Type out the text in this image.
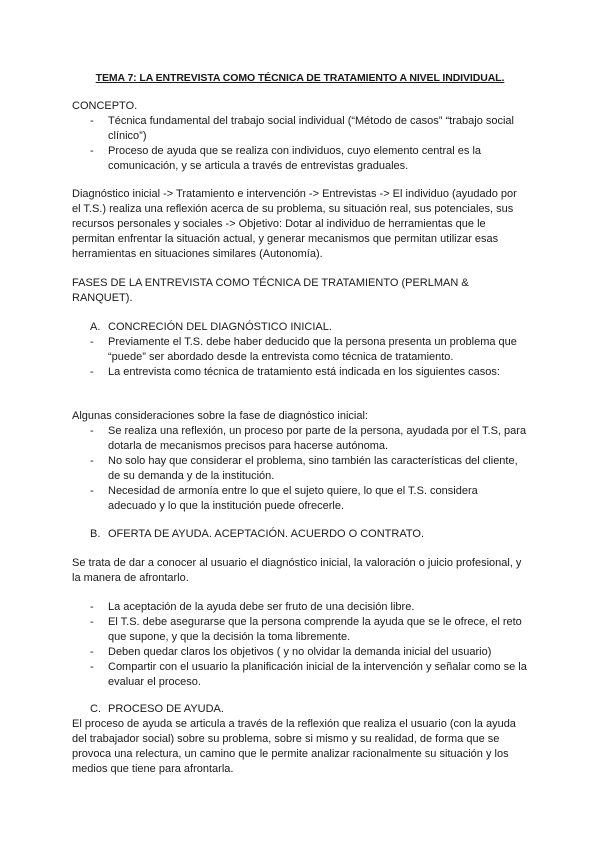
TEMA 7: LA ENTREVISTA COMO TÉCNICA DE TRATAMIENTO A NIVEL INDIVIDUAL.

CONCEPTO.

- Técnica fundamental del trabajo social individual (“Método de casos” “trabajo social clínico”)
- Proceso de ayuda que se realiza con individuos, cuyo elemento central es la comunicación, y se articula a través de entrevistas graduales.

Diagnóstico inicial -> Tratamiento e intervención -> Entrevistas -> El individuo (ayudado por el T.S.) realiza una reflexión acerca de su problema, su situación real, sus potenciales, sus recursos personales y sociales -> Objetivo: Dotar al individuo de herramientas que le permitan enfrentar la situación actual, y generar mecanismos que permitan utilizar esas herramientas en situaciones similares (Autonomía).

FASES DE LA ENTREVISTA COMO TÉCNICA DE TRATAMIENTO (PERLMAN & RANQUET).

A. CONCRECIÓN DEL DIAGNÓSTICO INICIAL.
- Previamente el T.S. debe haber deducido que la persona presenta un problema que “puede” ser abordado desde la entrevista como técnica de tratamiento.
- La entrevista como técnica de tratamiento está indicada en los siguientes casos:

Algunas consideraciones sobre la fase de diagnóstico inicial:

- Se realiza una reflexión, un proceso por parte de la persona, ayudada por el T.S, para dotarla de mecanismos precisos para hacerse autónoma.
- No solo hay que considerar el problema, sino también las características del cliente, de su demanda y de la institución.
- Necesidad de armonía entre lo que el sujeto quiere, lo que el T.S. considera adecuado y lo que la institución puede ofrecerle.
B. OFERTA DE AYUDA. ACEPTACIÓN. ACUERDO O CONTRATO.

Se trata de dar a conocer al usuario el diagnóstico inicial, la valoración o juicio profesional, y la manera de afrontarlo.

- La aceptación de la ayuda debe ser fruto de una decisión libre.
- El T.S. debe asegurarse que la persona comprende la ayuda que se le ofrece, el reto que supone, y que la decisión la toma libremente.
- Deben quedar claros los objetivos ( y no olvidar la demanda inicial del usuario)
- Compartir con el usuario la planificación inicial de la intervención y señalar como se la evaluar el proceso.
C. PROCESO DE AYUDA.

El proceso de ayuda se articula a través de la reflexión que realiza el usuario (con la ayuda del trabajador social) sobre su problema, sobre si mismo y su realidad, de forma que se provoca una relectura, un camino que le permite analizar racionalmente su situación y los medios que tiene para afrontarla.
